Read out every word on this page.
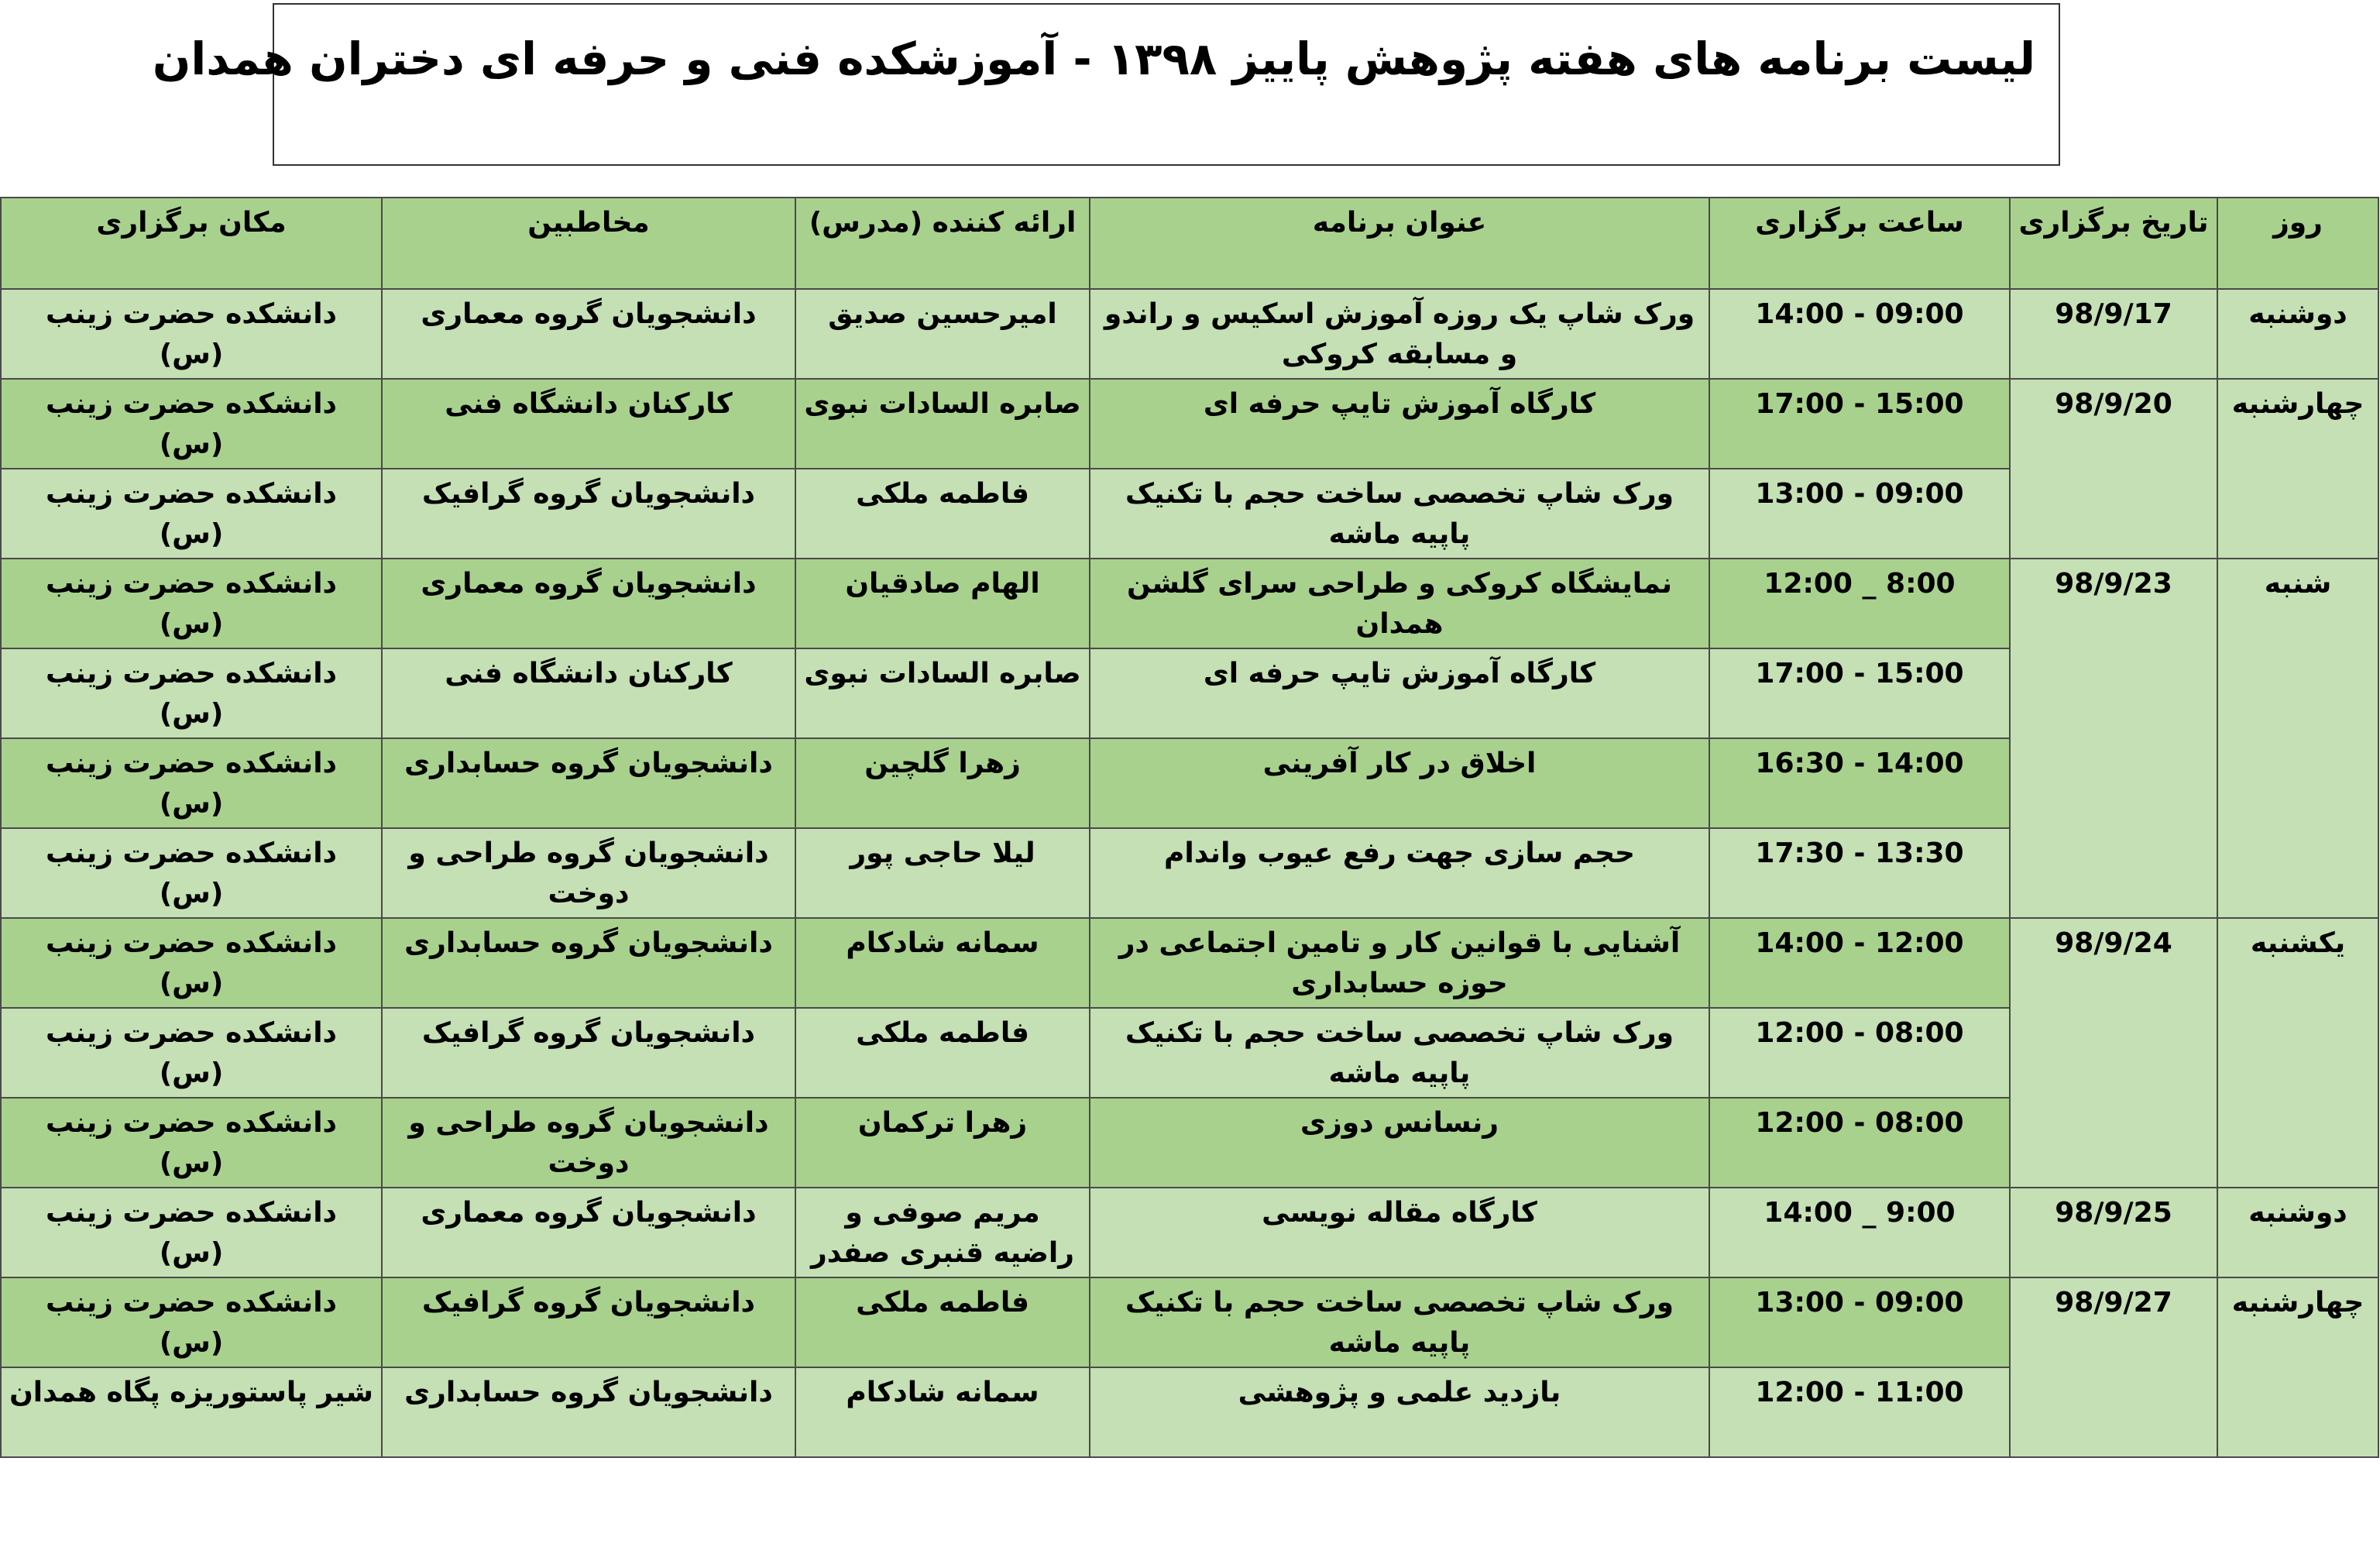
لیست برنامه های هفته پژوهش پاییز ۱۳۹۸ - آموزشکده فنی و حرفه ای دختران همدان
روز	تاریخ برگزاری	ساعت برگزاری	عنوان برنامه	ارائه کننده (مدرس)	مخاطبین	مکان برگزاری
دوشنبه	98/9/17	14:00 - 09:00	ورک شاپ یک روزه آموزش اسکیس و راندو و مسابقه کروکی	امیرحسین صدیق	دانشجویان گروه معماری	دانشکده حضرت زینب (س)
چهارشنبه	98/9/20	17:00 - 15:00	کارگاه آموزش تایپ حرفه ای	صابره السادات نبوی	کارکنان دانشگاه فنی	دانشکده حضرت زینب (س)
		13:00 - 09:00	ورک شاپ تخصصی ساخت حجم با تکنیک پاپیه ماشه	فاطمه ملکی	دانشجویان گروه گرافیک	دانشکده حضرت زینب (س)
شنبه	98/9/23	12:00 _ 8:00	نمایشگاه کروکی و طراحی سرای گلشن همدان	الهام صادقیان	دانشجویان گروه معماری	دانشکده حضرت زینب (س)
		17:00 - 15:00	کارگاه آموزش تایپ حرفه ای	صابره السادات نبوی	کارکنان دانشگاه فنی	دانشکده حضرت زینب (س)
		16:30 - 14:00	اخلاق در کار آفرینی	زهرا گلچین	دانشجویان گروه حسابداری	دانشکده حضرت زینب (س)
		17:30 - 13:30	حجم سازی جهت رفع عیوب واندام	لیلا حاجی پور	دانشجویان گروه طراحی و دوخت	دانشکده حضرت زینب (س)
یکشنبه	98/9/24	14:00 - 12:00	آشنایی با قوانین کار و تامین اجتماعی در حوزه حسابداری	سمانه شادکام	دانشجویان گروه حسابداری	دانشکده حضرت زینب (س)
		12:00 - 08:00	ورک شاپ تخصصی ساخت حجم با تکنیک پاپیه ماشه	فاطمه ملکی	دانشجویان گروه گرافیک	دانشکده حضرت زینب (س)
		12:00 - 08:00	رنسانس دوزی	زهرا ترکمان	دانشجویان گروه طراحی و دوخت	دانشکده حضرت زینب (س)
دوشنبه	98/9/25	14:00 _ 9:00	کارگاه مقاله نویسی	مریم صوفی و راضیه قنبری صفدر	دانشجویان گروه معماری	دانشکده حضرت زینب (س)
چهارشنبه	98/9/27	13:00 - 09:00	ورک شاپ تخصصی ساخت حجم با تکنیک پاپیه ماشه	فاطمه ملکی	دانشجویان گروه گرافیک	دانشکده حضرت زینب (س)
		12:00 - 11:00	بازدید علمی و پژوهشی	سمانه شادکام	دانشجویان گروه حسابداری	شیر پاستوریزه پگاه همدان
